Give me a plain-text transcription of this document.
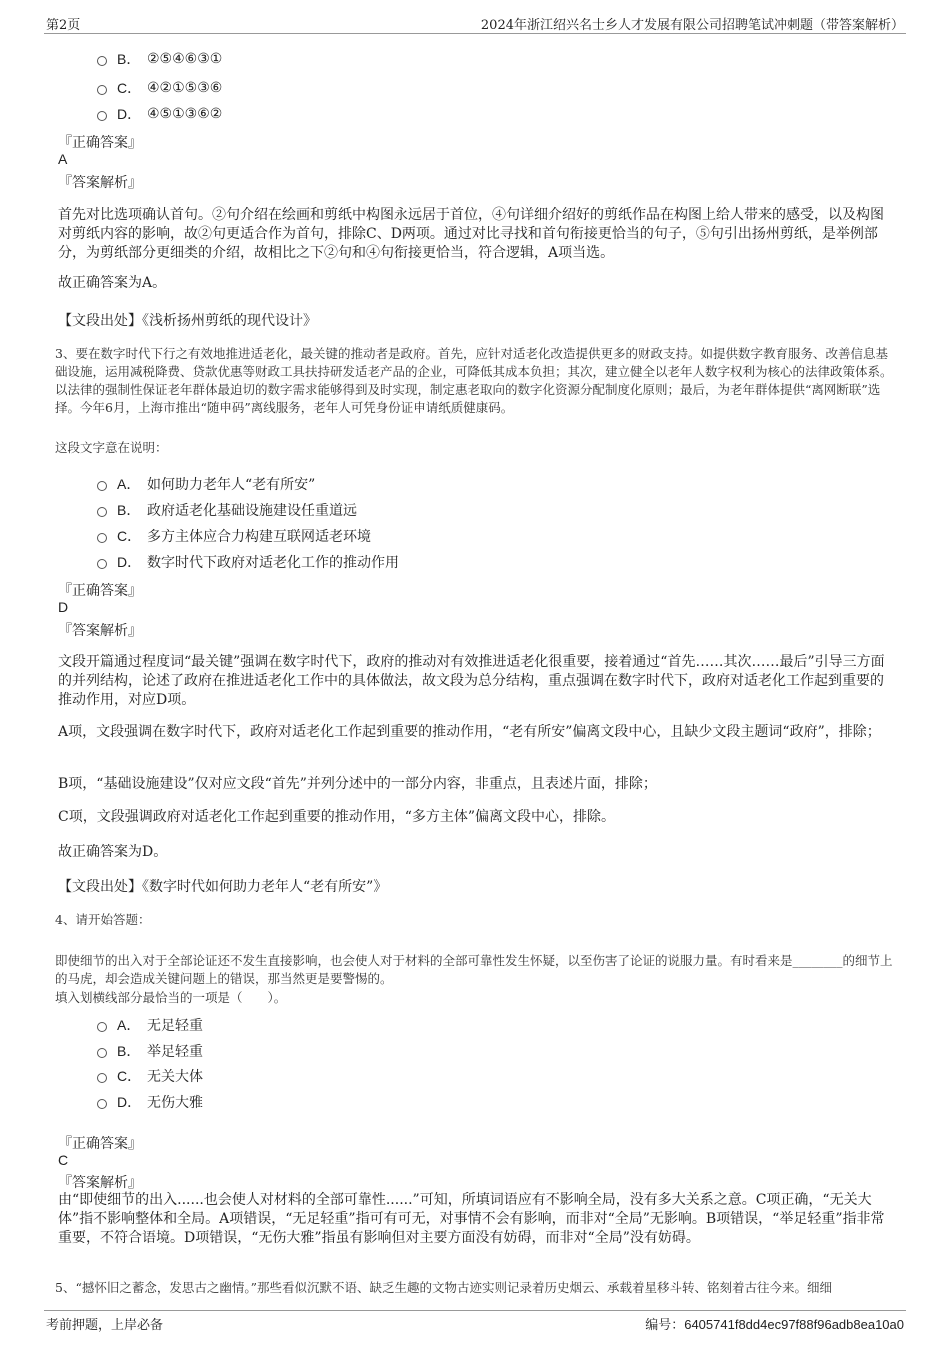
第2页	2024年浙江绍兴名士乡人才发展有限公司招聘笔试冲刺题（带答案解析）
B． ②⑤④⑥③①
C． ④②①⑤③⑥
D． ④⑤①③⑥②
『正确答案』
A
『答案解析』
首先对比选项确认首句。②句介绍在绘画和剪纸中构图永远居于首位，④句详细介绍好的剪纸作品在构图上给人带来的感受，以及构图对剪纸内容的影响，故②句更适合作为首句，排除C、D两项。通过对比寻找和首句衔接更恰当的句子，⑤句引出扬州剪纸，是举例部分，为剪纸部分更细类的介绍，故相比之下②句和④句衔接更恰当，符合逻辑，A项当选。
故正确答案为A。
【文段出处】《浅析扬州剪纸的现代设计》
3、要在数字时代下行之有效地推进适老化，最关键的推动者是政府。首先，应针对适老化改造提供更多的财政支持。如提供数字教育服务、改善信息基础设施，运用减税降费、贷款优惠等财政工具扶持研发适老产品的企业，可降低其成本负担；其次，建立健全以老年人数字权利为核心的法律政策体系。以法律的强制性保证老年群体最迫切的数字需求能够得到及时实现，制定惠老取向的数字化资源分配制度化原则；最后，为老年群体提供“离网断联”选择。今年6月，上海市推出“随申码”离线服务，老年人可凭身份证申请纸质健康码。
这段文字意在说明：
A． 如何助力老年人“老有所安”
B． 政府适老化基础设施建设任重道远
C． 多方主体应合力构建互联网适老环境
D． 数字时代下政府对适老化工作的推动作用
『正确答案』
D
『答案解析』
文段开篇通过程度词“最关键”强调在数字时代下，政府的推动对有效推进适老化很重要，接着通过“首先……其次……最后”引导三方面的并列结构，论述了政府在推进适老化工作中的具体做法，故文段为总分结构，重点强调在数字时代下，政府对适老化工作起到重要的推动作用，对应D项。
A项，文段强调在数字时代下，政府对适老化工作起到重要的推动作用，“老有所安”偏离文段中心，且缺少文段主题词“政府”，排除；
B项，“基础设施建设”仅对应文段“首先”并列分述中的一部分内容，非重点，且表述片面，排除；
C项，文段强调政府对适老化工作起到重要的推动作用，“多方主体”偏离文段中心，排除。
故正确答案为D。
【文段出处】《数字时代如何助力老年人“老有所安”》
4、请开始答题：
即使细节的出入对于全部论证还不发生直接影响，也会使人对于材料的全部可靠性发生怀疑，以至伤害了论证的说服力量。有时看来是________的细节上的马虎，却会造成关键问题上的错误，那当然更是要警惕的。
填入划横线部分最恰当的一项是（　　）。
A． 无足轻重
B． 举足轻重
C． 无关大体
D． 无伤大雅
『正确答案』
C
『答案解析』
由“即使细节的出入......也会使人对材料的全部可靠性......”可知，所填词语应有不影响全局，没有多大关系之意。C项正确，“无关大体”指不影响整体和全局。A项错误，“无足轻重”指可有可无，对事情不会有影响，而非对“全局”无影响。B项错误，“举足轻重”指非常重要，不符合语境。D项错误，“无伤大雅”指虽有影响但对主要方面没有妨碍，而非对“全局”没有妨碍。
5、“撼怀旧之蓄念，发思古之幽情。”那些看似沉默不语、缺乏生趣的文物古迹实则记录着历史烟云、承载着星移斗转、铭刻着古往今来。细细
考前押题，上岸必备	编号：6405741f8dd4ec97f88f96adb8ea10a0
